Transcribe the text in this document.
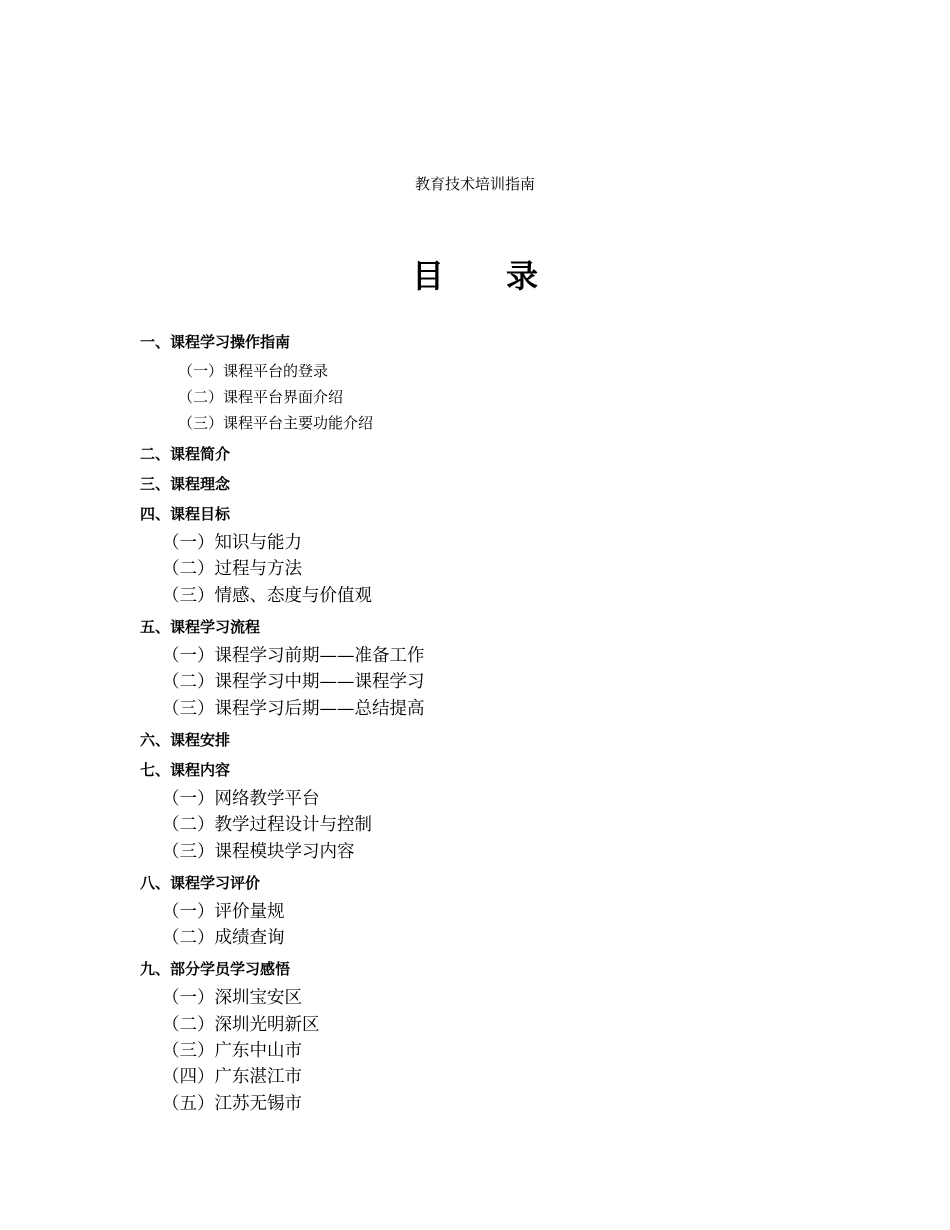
教育技术培训指南
目 录
一、课程学习操作指南
（一）课程平台的登录
（二）课程平台界面介绍
（三）课程平台主要功能介绍
二、课程简介
三、课程理念
四、课程目标
（一）知识与能力
（二）过程与方法
（三）情感、态度与价值观
五、课程学习流程
（一）课程学习前期——准备工作
（二）课程学习中期——课程学习
（三）课程学习后期——总结提高
六、课程安排
七、课程内容
（一）网络教学平台
（二）教学过程设计与控制
（三）课程模块学习内容
八、课程学习评价
（一）评价量规
（二）成绩查询
九、部分学员学习感悟
（一）深圳宝安区
（二）深圳光明新区
（三）广东中山市
（四）广东湛江市
（五）江苏无锡市
